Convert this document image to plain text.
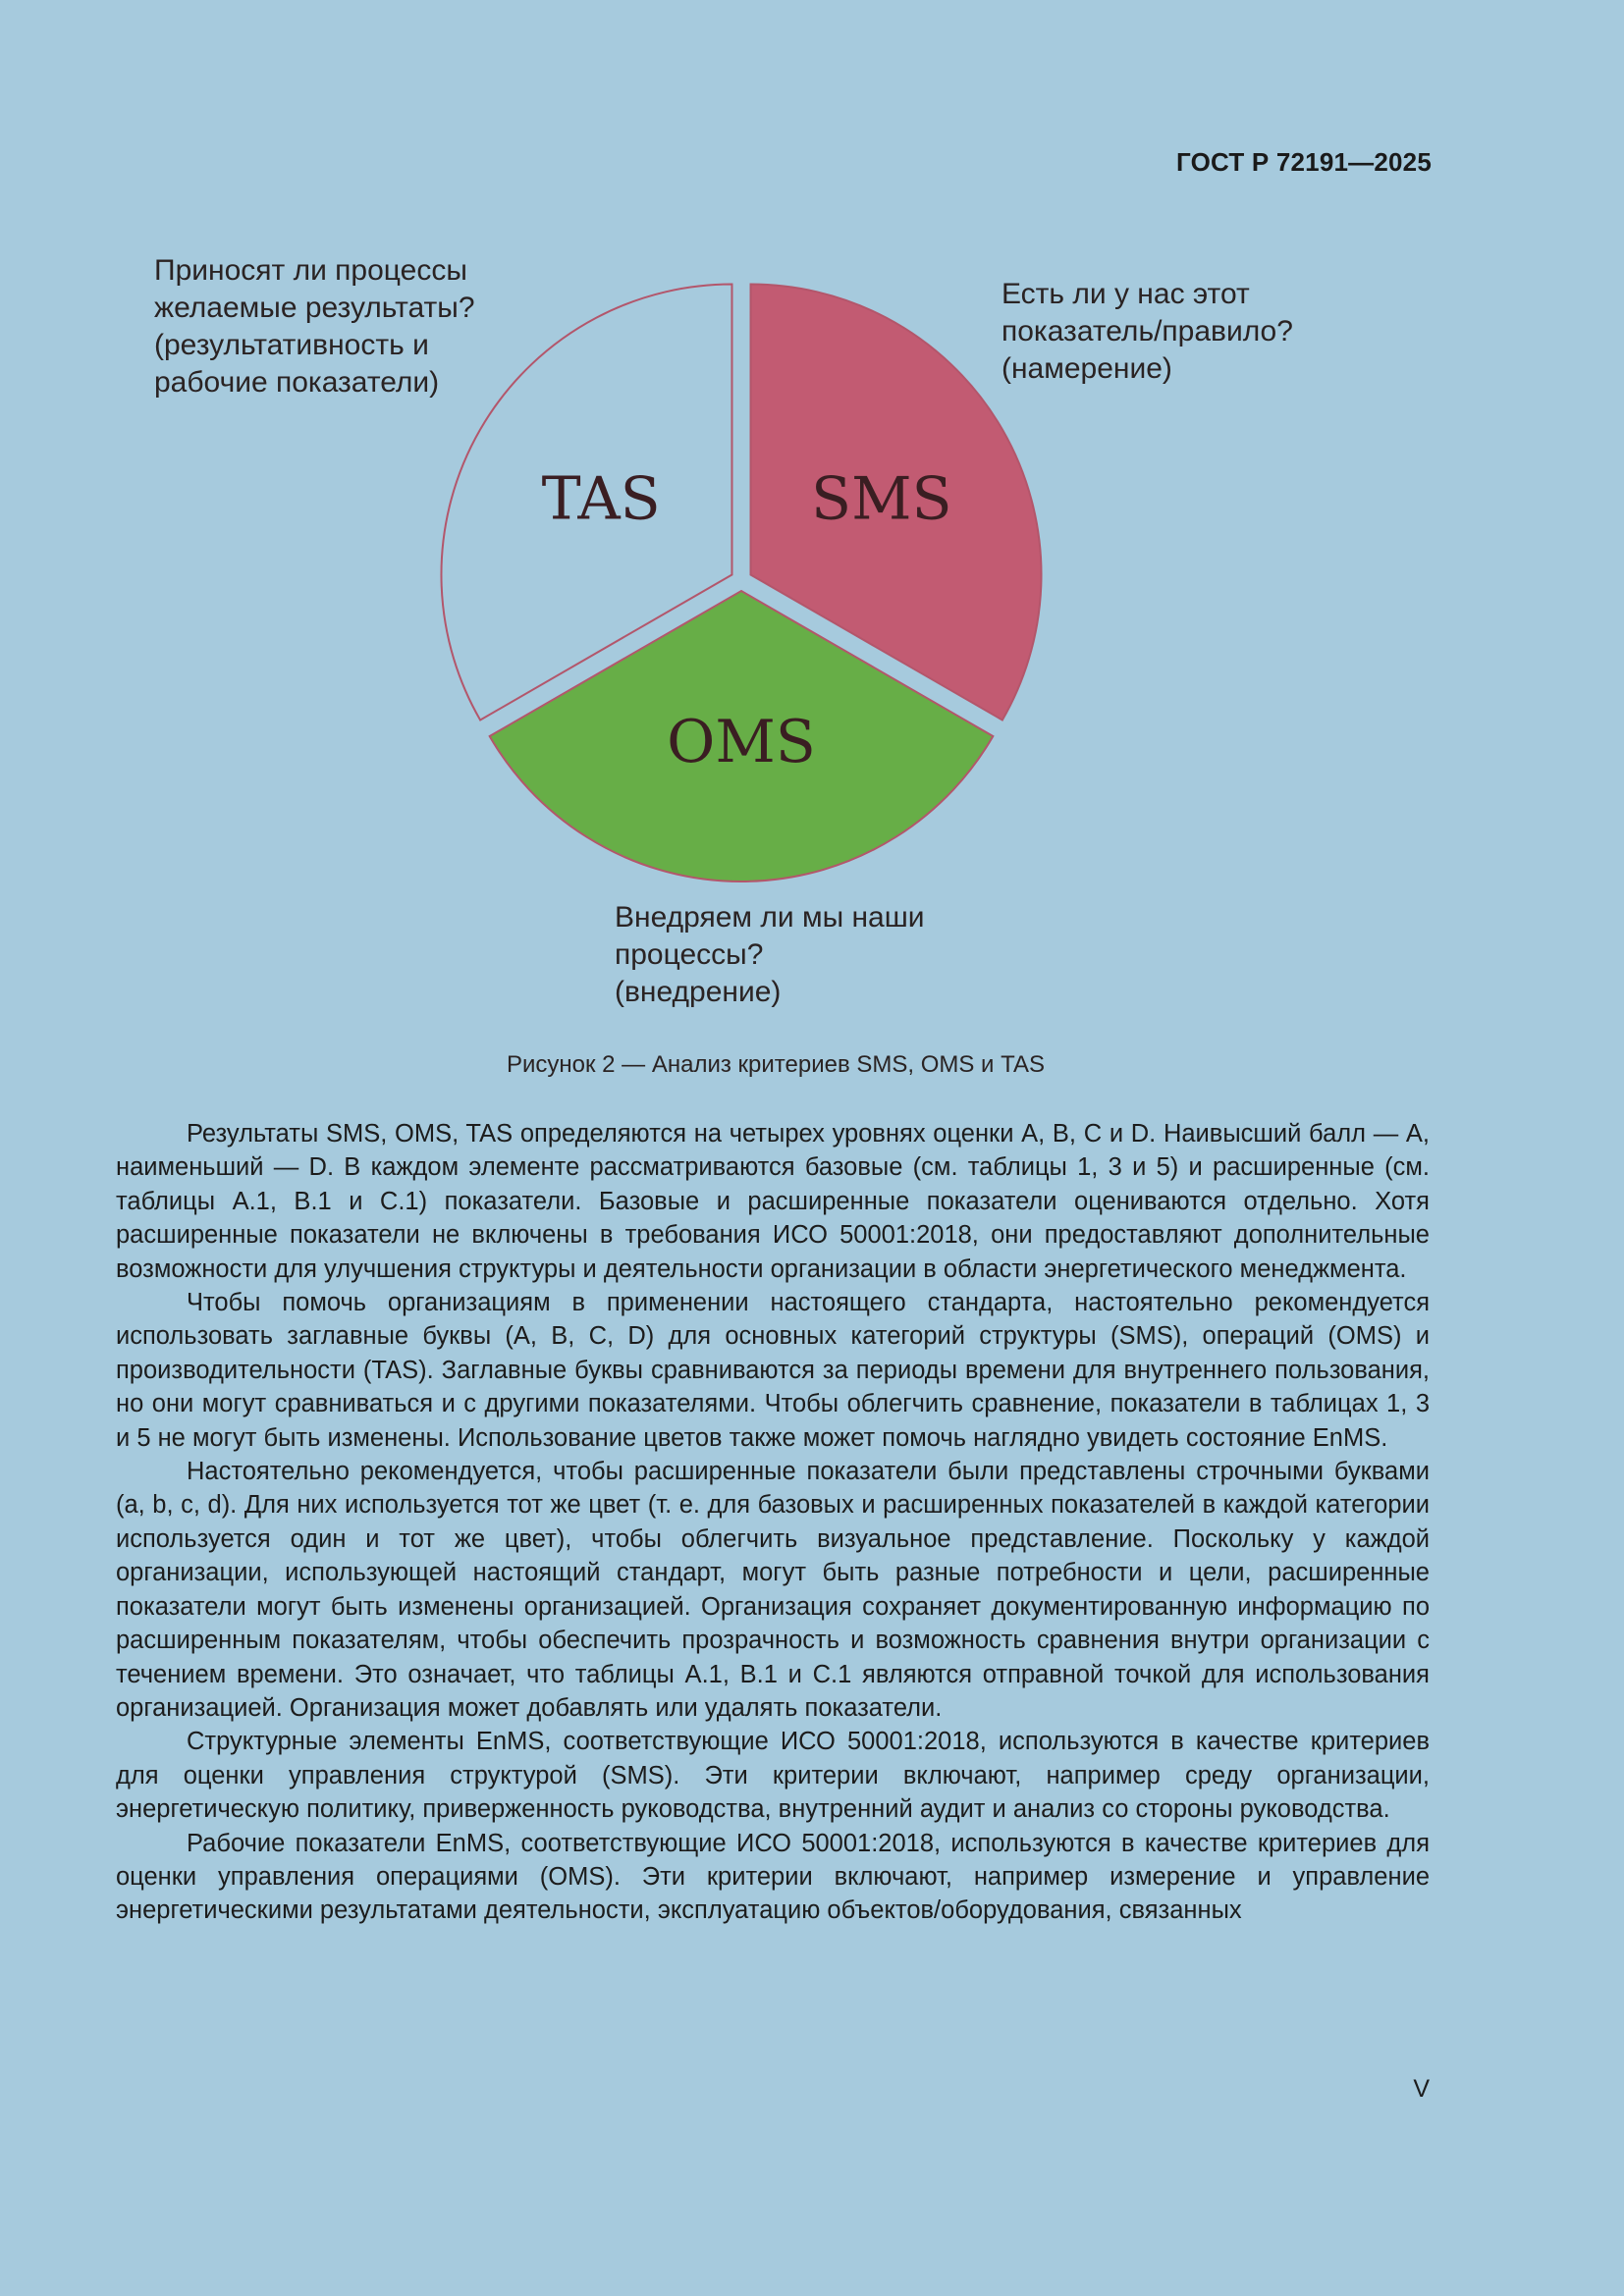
ГОСТ Р 72191—2025
SMS
OMS
TAS
Приносят ли процессы
желаемые результаты?
(результативность и
рабочие показатели)
Есть ли у нас этот
показатель/правило?
(намерение)
Внедряем ли мы наши
процессы?
(внедрение)
Рисунок 2 — Анализ критериев SMS, OMS и TAS

Результаты SMS, OMS, TAS определяются на четырех уровнях оценки A, B, C и D. Наивысший балл — A, наименьший — D. В каждом элементе рассматриваются базовые (см. таблицы 1, 3 и 5) и расширенные (см. таблицы A.1, B.1 и C.1) показатели. Базовые и расширенные показатели оцениваются отдельно. Хотя расширенные показатели не включены в требования ИСО 50001:2018, они предоставляют дополнительные возможности для улучшения структуры и деятельности организации в области энергетического менеджмента.

Чтобы помочь организациям в применении настоящего стандарта, настоятельно рекомендуется использовать заглавные буквы (A, B, C, D) для основных категорий структуры (SMS), операций (OMS) и производительности (TAS). Заглавные буквы сравниваются за периоды времени для внутреннего пользования, но они могут сравниваться и с другими показателями. Чтобы облегчить сравнение, показатели в таблицах 1, 3 и 5 не могут быть изменены. Использование цветов также может помочь наглядно увидеть состояние EnMS.

Настоятельно рекомендуется, чтобы расширенные показатели были представлены строчными буквами (a, b, c, d). Для них используется тот же цвет (т. е. для базовых и расширенных показателей в каждой категории используется один и тот же цвет), чтобы облегчить визуальное представление. Поскольку у каждой организации, использующей настоящий стандарт, могут быть разные потребности и цели, расширенные показатели могут быть изменены организацией. Организация сохраняет документированную информацию по расширенным показателям, чтобы обеспечить прозрачность и возможность сравнения внутри организации с течением времени. Это означает, что таблицы A.1, B.1 и C.1 являются отправной точкой для использования организацией. Организация может добавлять или удалять показатели.

Структурные элементы EnMS, соответствующие ИСО 50001:2018, используются в качестве критериев для оценки управления структурой (SMS). Эти критерии включают, например среду организации, энергетическую политику, приверженность руководства, внутренний аудит и анализ со стороны руководства.

Рабочие показатели EnMS, соответствующие ИСО 50001:2018, используются в качестве критериев для оценки управления операциями (OMS). Эти критерии включают, например измерение и управление энергетическими результатами деятельности, эксплуатацию объектов/оборудования, связанных

V
